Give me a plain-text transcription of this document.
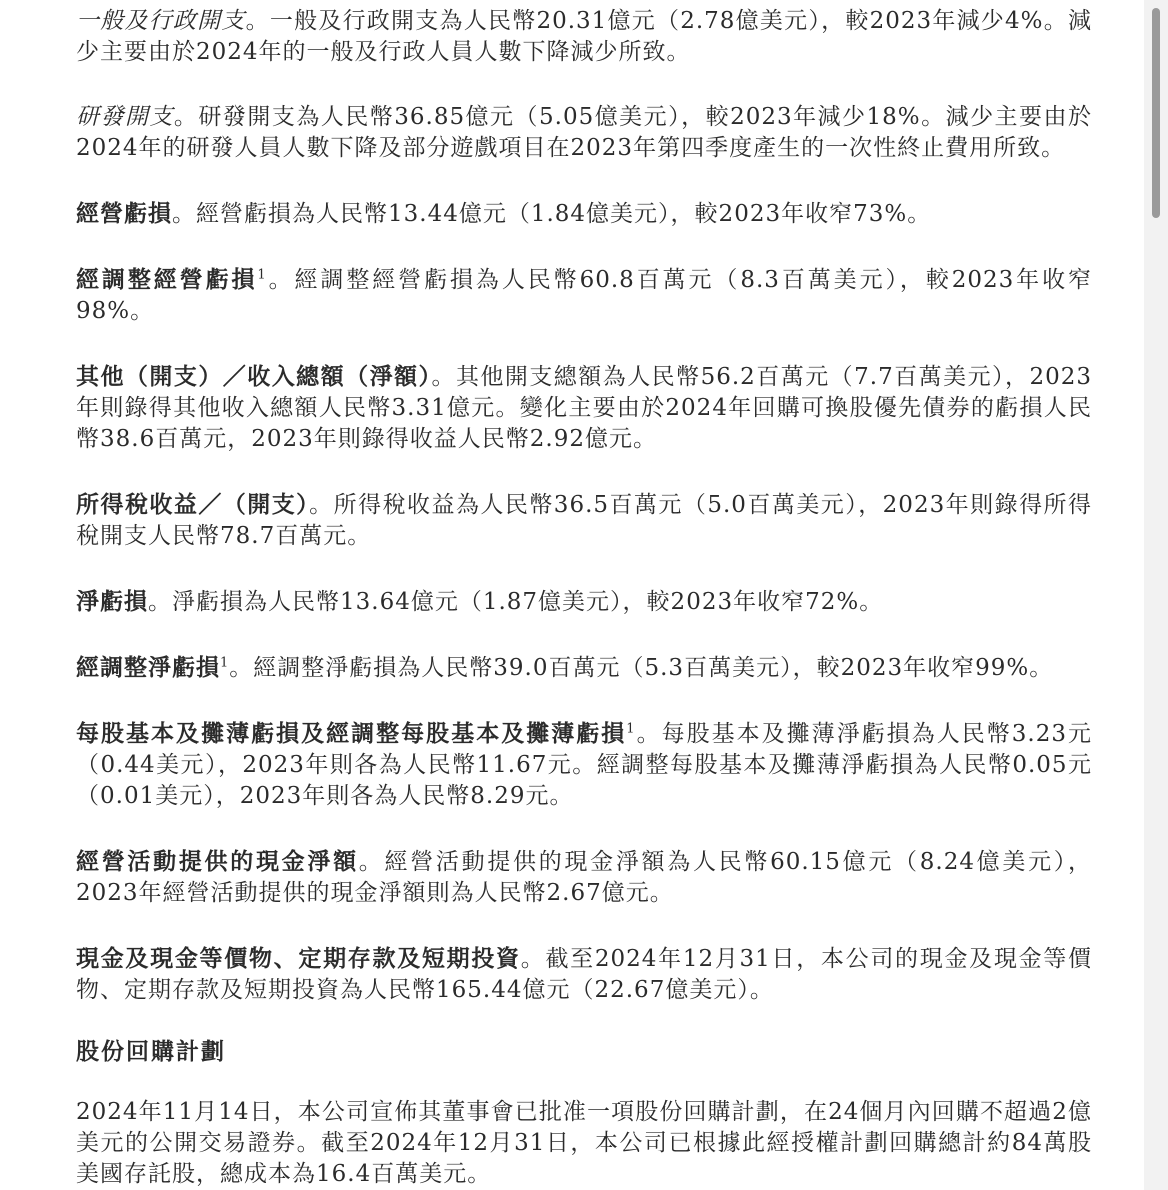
一般及行政開支。一般及行政開支為人民幣20.31億元（2.78億美元），較2023年減少4%。減少主要由於2024年的一般及行政人員人數下降減少所致。

研發開支。研發開支為人民幣36.85億元（5.05億美元），較2023年減少18%。減少主要由於2024年的研發人員人數下降及部分遊戲項目在2023年第四季度產生的一次性終止費用所致。

經營虧損。經營虧損為人民幣13.44億元（1.84億美元），較2023年收窄73%。

經調整經營虧損$^1$。經調整經營虧損為人民幣60.8百萬元（8.3百萬美元），較2023年收窄98%。

其他（開支）／收入總額（淨額）。其他開支總額為人民幣56.2百萬元（7.7百萬美元），2023年則錄得其他收入總額人民幣3.31億元。變化主要由於2024年回購可換股優先債券的虧損人民幣38.6百萬元，2023年則錄得收益人民幣2.92億元。

所得稅收益／（開支）。所得稅收益為人民幣36.5百萬元（5.0百萬美元），2023年則錄得所得稅開支人民幣78.7百萬元。

淨虧損。淨虧損為人民幣13.64億元（1.87億美元），較2023年收窄72%。

經調整淨虧損$^1$。經調整淨虧損為人民幣39.0百萬元（5.3百萬美元），較2023年收窄99%。

每股基本及攤薄虧損及經調整每股基本及攤薄虧損$^1$。每股基本及攤薄淨虧損為人民幣3.23元（0.44美元），2023年則各為人民幣11.67元。經調整每股基本及攤薄淨虧損為人民幣0.05元（0.01美元），2023年則各為人民幣8.29元。

經營活動提供的現金淨額。經營活動提供的現金淨額為人民幣60.15億元（8.24億美元），2023年經營活動提供的現金淨額則為人民幣2.67億元。

現金及現金等價物、定期存款及短期投資。截至2024年12月31日，本公司的現金及現金等價物、定期存款及短期投資為人民幣165.44億元（22.67億美元）。

股份回購計劃

2024年11月14日，本公司宣佈其董事會已批准一項股份回購計劃，在24個月內回購不超過2億美元的公開交易證券。截至2024年12月31日，本公司已根據此經授權計劃回購總計約84萬股美國存託股，總成本為16.4百萬美元。
